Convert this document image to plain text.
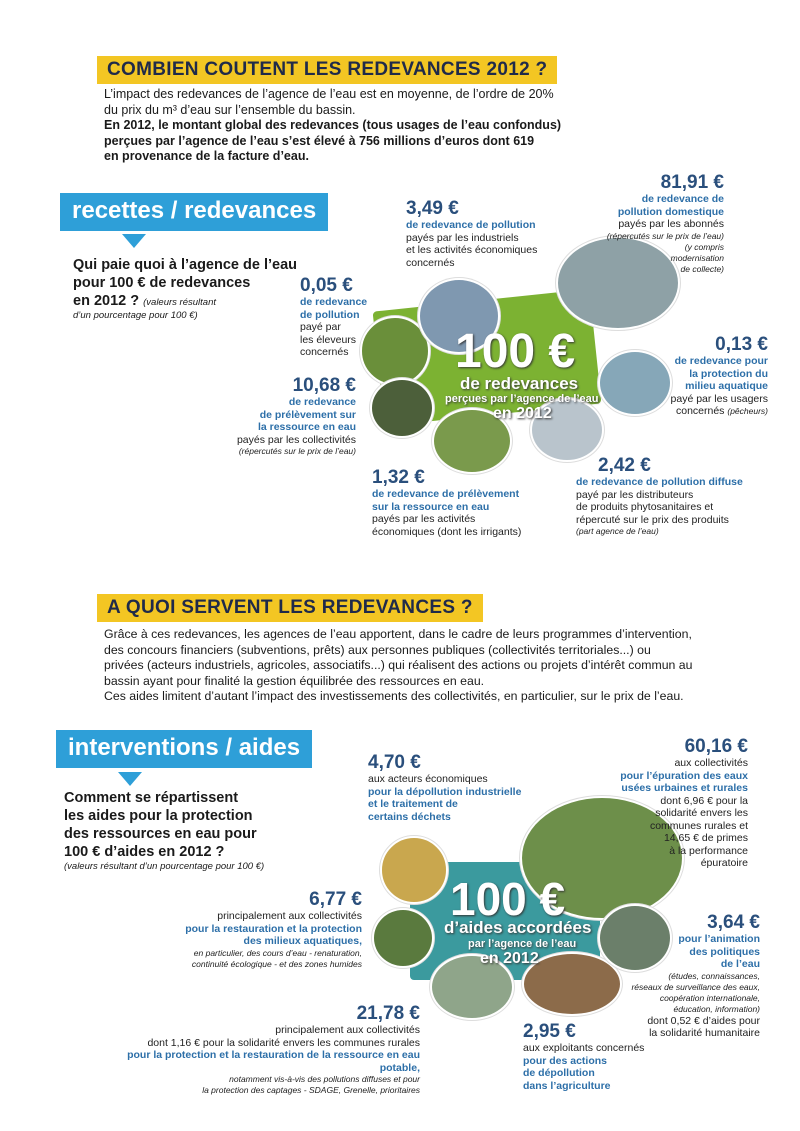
COMBIEN COUTENT LES REDEVANCES 2012 ?
L’impact des redevances de l’agence de l’eau est en moyenne, de l’ordre de 20%
du prix du m³ d’eau sur l’ensemble du bassin.
En 2012, le montant global des redevances (tous usages de l’eau confondus)
perçues par l’agence de l’eau s’est élevé à 756 millions d’euros dont 619
en provenance de la facture d’eau.
recettes / redevances
Qui paie quoi à l’agence de l’eau
pour 100 € de redevances
en 2012 ? (valeurs résultant
d’un pourcentage pour 100 €)
100 €
de redevances
perçues par l’agence de l’eau
en 2012
3,49 €
de redevance de pollution
payés par les industriels
et les activités économiques
concernés
81,91 €
de redevance de
pollution domestique
payés par les abonnés
(répercutés sur le prix de l’eau)
(y compris
modernisation
de collecte)
0,05 €
de redevance
de pollution
payé par
les éleveurs
concernés	0,13 €
de redevance pour
la protection du
milieu aquatique
payé par les usagers
concernés (pêcheurs)
10,68 €
de redevance
de prélèvement sur
la ressource en eau
payés par les collectivités
(répercutés sur le prix de l’eau)
1,32 €
de redevance de prélèvement
sur la ressource en eau
payés par les activités
économiques (dont les irrigants)
2,42 €
de redevance de pollution diffuse
payé par les distributeurs
de produits phytosanitaires et
répercuté sur le prix des produits
(part agence de l’eau)
A QUOI SERVENT LES REDEVANCES ?
Grâce à ces redevances, les agences de l’eau apportent, dans le cadre de leurs programmes d’intervention,
des concours financiers (subventions, prêts) aux personnes publiques (collectivités territoriales...) ou
privées (acteurs industriels, agricoles, associatifs...) qui réalisent des actions ou projets d’intérêt commun au
bassin ayant pour finalité la gestion équilibrée des ressources en eau.
Ces aides limitent d’autant l’impact des investissements des collectivités, en particulier, sur le prix de l’eau.
interventions / aides
Comment se répartissent
les aides pour la protection
des ressources en eau pour
100 € d’aides en 2012 ?
(valeurs résultant d’un pourcentage pour 100 €)
100 €
d’aides accordées
par l’agence de l’eau
en 2012
4,70 €
aux acteurs économiques
pour la dépollution industrielle
et le traitement de
certains déchets
60,16 €
aux collectivités
pour l’épuration des eaux
usées urbaines et rurales
dont 6,96 € pour la
solidarité envers les
communes rurales et
14,65 € de primes
à la performance
épuratoire
6,77 €
principalement aux collectivités
pour la restauration et la protection
des milieux aquatiques,
en particulier, des cours d’eau - renaturation,
continuité écologique - et des zones humides
3,64 €
pour l’animation
des politiques
de l’eau
(études, connaissances,
réseaux de surveillance des eaux,
coopération internationale,
éducation, information)
dont 0,52 € d’aides pour
la solidarité humanitaire
21,78 €
principalement aux collectivités
dont 1,16 € pour la solidarité envers les communes rurales
pour la protection et la restauration de la ressource en eau potable,
notamment vis-à-vis des pollutions diffuses et pour
la protection des captages - SDAGE, Grenelle, prioritaires
2,95 €
aux exploitants concernés
pour des actions
de dépollution
dans l’agriculture
